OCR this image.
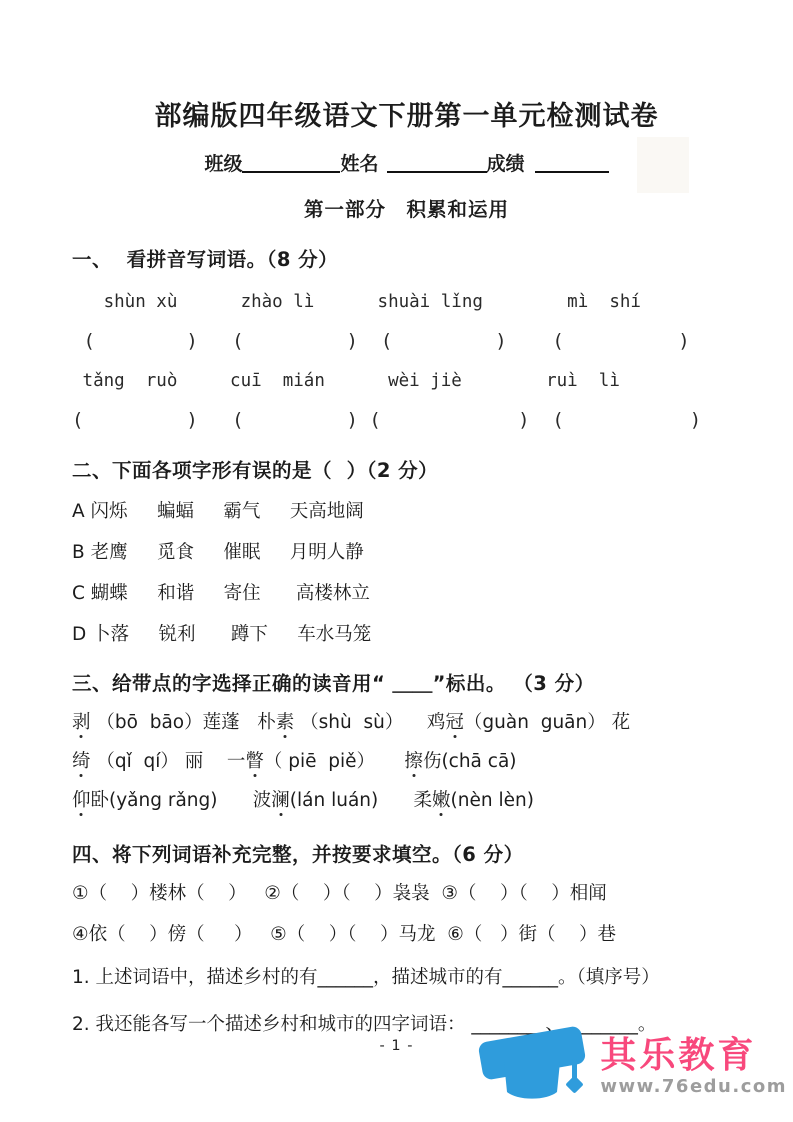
部编版四年级语文下册第一单元检测试卷
班级	姓名	成绩
第一部分　积累和运用
一、  看拼音写词语。（8 分）
shùn xù      zhào lì      shuài lǐng        mì  shí
(        )   (         )  (         )    (          )
tǎng  ruò     cuī  mián      wèi jiè        ruì  lì
(         )   (         ) (            )  (           )
二、下面各项字形有误的是（  ）（2 分）
A 闪烁     蝙蝠     霸气     天高地阔
B 老鹰     觅食     催眠     月明人静
C 蝴蝶     和谐     寄住      高楼林立
D 卜落     锐利      蹲下     车水马笼
三、给带点的字选择正确的读音用“ ＿＿”标出。 （3 分）
剥 （bō  bāo）莲蓬   朴素 （shù  sù）    鸡冠（guàn  guān） 花
绮 （qǐ  qí） 丽    一瞥（ piē  piě）     擦伤(chā cā)
仰卧(yǎng rǎng)      波澜(lán luán)      柔嫩(nèn lèn)
四、将下列词语补充完整，并按要求填空。（6 分）
①（    ）楼林（    ）   ②（    ）（    ）袅袅  ③（    ）（    ）相闻
④依（    ）傍（     ）   ⑤（    ）（    ）马龙  ⑥（   ）街（    ）巷
1. 上述词语中，描述乡村的有______，描述城市的有______。（填序号）
2. 我还能各写一个描述乡村和城市的四字词语： ________、________。
- 1 -	其乐教育
www.76edu.com
